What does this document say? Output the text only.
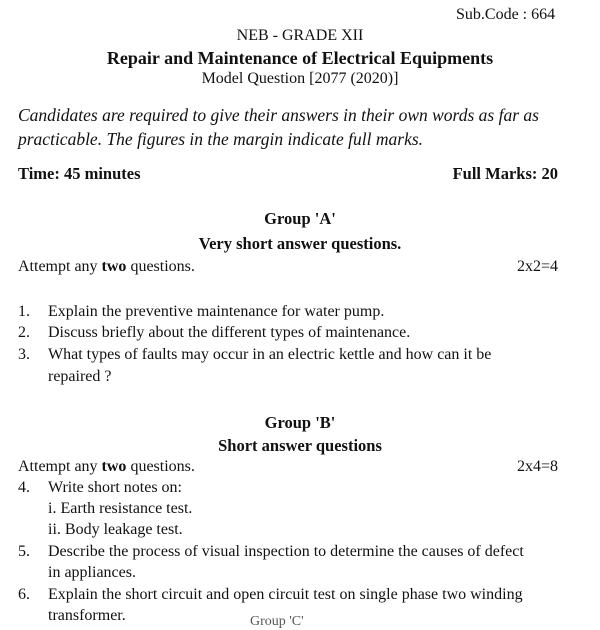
Sub.Code : 664
NEB - GRADE XII
Repair and Maintenance of Electrical Equipments
Model Question [2077 (2020)]
Candidates are required to give their answers in their own words as far as
practicable. The figures in the margin indicate full marks.
Time: 45 minutes	Full Marks: 20
Group 'A'
Very short answer questions.
Attempt any two questions.	2x2=4
1. Explain the preventive maintenance for water pump.
2. Discuss briefly about the different types of maintenance.
3. What types of faults may occur in an electric kettle and how can it be
repaired ?
Group 'B'
Short answer questions
Attempt any two questions.	2x4=8
4. Write short notes on:
i. Earth resistance test.
ii. Body leakage test.
5. Describe the process of visual inspection to determine the causes of defect
in appliances.
6. Explain the short circuit and open circuit test on single phase two winding
transformer.	Group 'C'
